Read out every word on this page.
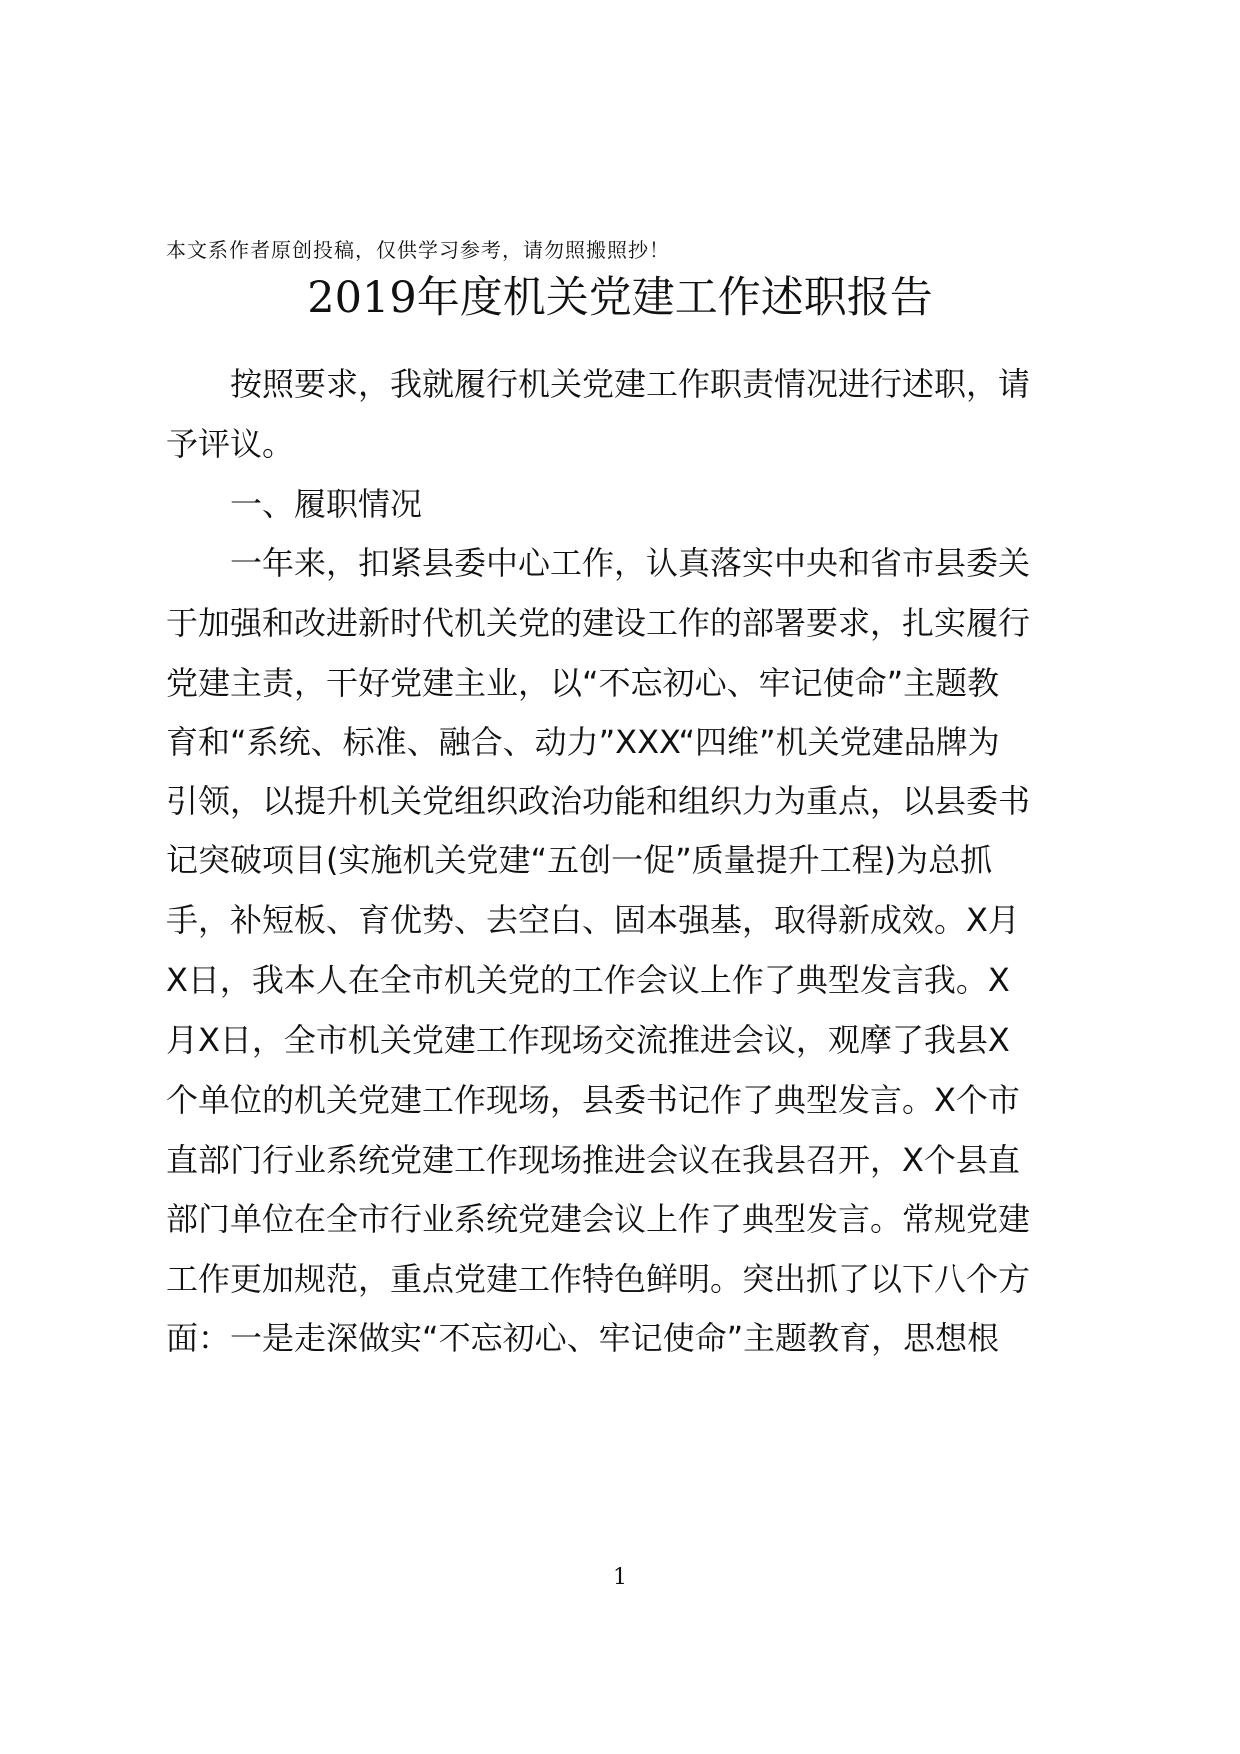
本文系作者原创投稿，仅供学习参考，请勿照搬照抄！
2019年度机关党建工作述职报告
　　按照要求，我就履行机关党建工作职责情况进行述职，请
予评议。
　　一、履职情况
　　一年来，扣紧县委中心工作，认真落实中央和省市县委关
于加强和改进新时代机关党的建设工作的部署要求，扎实履行
党建主责，干好党建主业，以“不忘初心、牢记使命”主题教
育和“系统、标准、融合、动力”XXX“四维”机关党建品牌为
引领，以提升机关党组织政治功能和组织力为重点，以县委书
记突破项目(实施机关党建“五创一促”质量提升工程)为总抓
手，补短板、育优势、去空白、固本强基，取得新成效。X月
X日，我本人在全市机关党的工作会议上作了典型发言我。X
月X日，全市机关党建工作现场交流推进会议，观摩了我县X
个单位的机关党建工作现场，县委书记作了典型发言。X个市
直部门行业系统党建工作现场推进会议在我县召开，X个县直
部门单位在全市行业系统党建会议上作了典型发言。常规党建
工作更加规范，重点党建工作特色鲜明。突出抓了以下八个方
面：一是走深做实“不忘初心、牢记使命”主题教育，思想根
1
